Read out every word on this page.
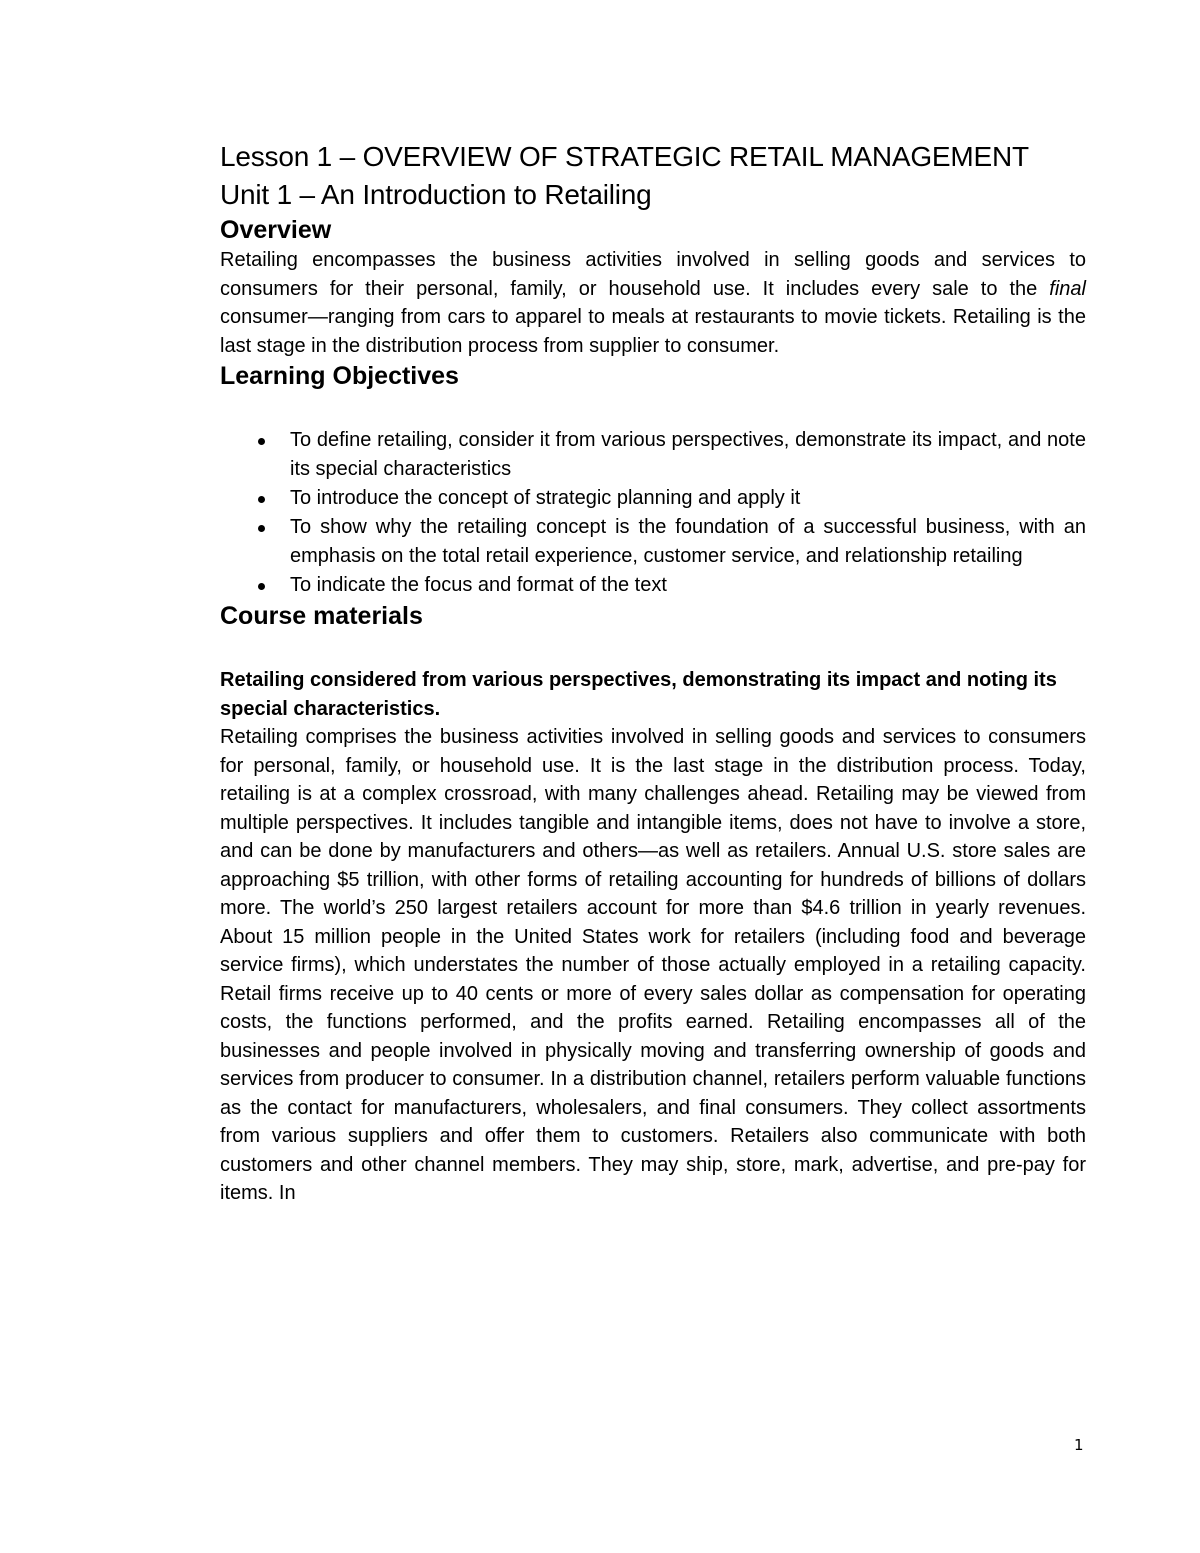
Lesson 1 – OVERVIEW OF STRATEGIC RETAIL MANAGEMENT
Unit 1 – An Introduction to Retailing
Overview

Retailing encompasses the business activities involved in selling goods and services to consumers for their personal, family, or household use. It includes every sale to the final consumer—ranging from cars to apparel to meals at restaurants to movie tickets. Retailing is the last stage in the distribution process from supplier to consumer.

Learning Objectives
To define retailing, consider it from various perspectives, demonstrate its impact, and note its special characteristics
To introduce the concept of strategic planning and apply it
To show why the retailing concept is the foundation of a successful business, with an emphasis on the total retail experience, customer service, and relationship retailing
To indicate the focus and format of the text
Course materials

Retailing considered from various perspectives, demonstrating its impact and noting its special characteristics.

Retailing comprises the business activities involved in selling goods and services to consumers for personal, family, or household use. It is the last stage in the distribution process. Today, retailing is at a complex crossroad, with many challenges ahead. Retailing may be viewed from multiple perspectives. It includes tangible and intangible items, does not have to involve a store, and can be done by manufacturers and others—as well as retailers. Annual U.S. store sales are approaching $5 trillion, with other forms of retailing accounting for hundreds of billions of dollars more. The world’s 250 largest retailers account for more than $4.6 trillion in yearly revenues. About 15 million people in the United States work for retailers (including food and beverage service firms), which understates the number of those actually employed in a retailing capacity. Retail firms receive up to 40 cents or more of every sales dollar as compensation for operating costs, the functions performed, and the profits earned. Retailing encompasses all of the businesses and people involved in physically moving and transferring ownership of goods and services from producer to consumer. In a distribution channel, retailers perform valuable functions as the contact for manufacturers, wholesalers, and final consumers. They collect assortments from various suppliers and offer them to customers. Retailers also communicate with both customers and other channel members. They may ship, store, mark, advertise, and pre-pay for items. In

1
